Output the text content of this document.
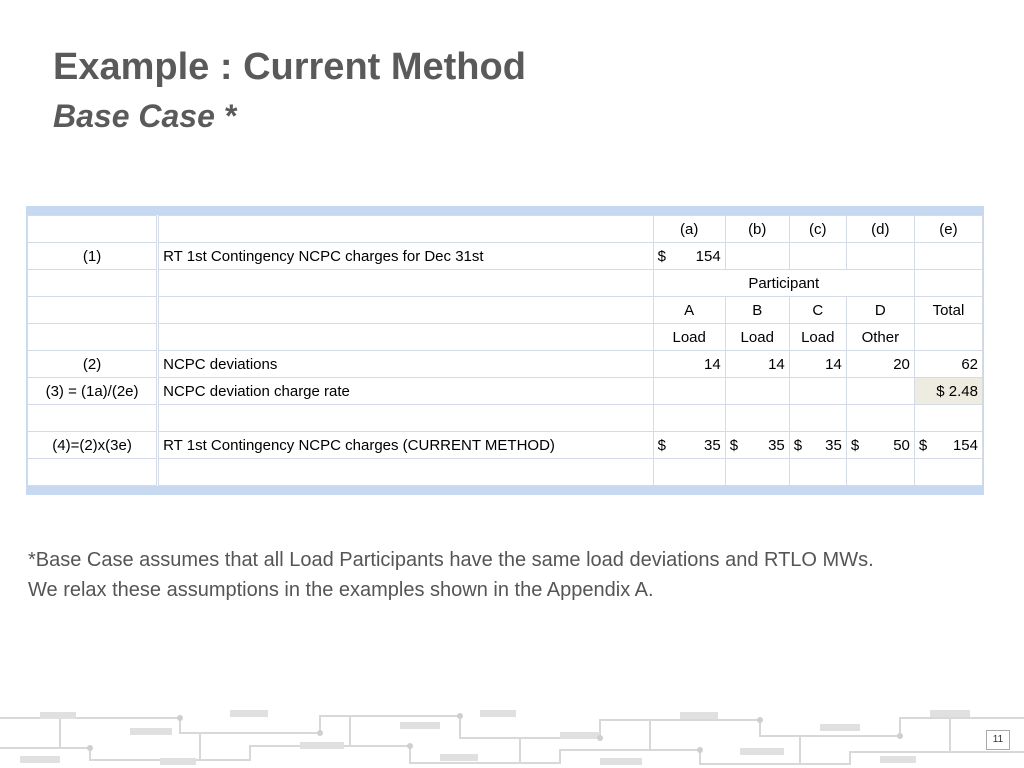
Example : Current Method
Base Case *
		(a)	(b)	(c)	(d)	(e)
(1)	RT 1st Contingency NCPC charges for Dec 31st	$ 154				

		Participant				
		A	B	C	D	Total
		Load	Load	Load	Other	
(2)	NCPC deviations	14	14	14	20	62
(3) = (1a)/(2e)	NCPC deviation charge rate					$ 2.48

(4)=(2)x(3e)	RT 1st Contingency NCPC charges (CURRENT METHOD)	$ 35	$ 35	$ 35	$ 50	$ 154

*Base Case assumes that all Load Participants have the same load deviations and RTLO MWs.
We relax these assumptions in the examples shown in the Appendix A.
11
